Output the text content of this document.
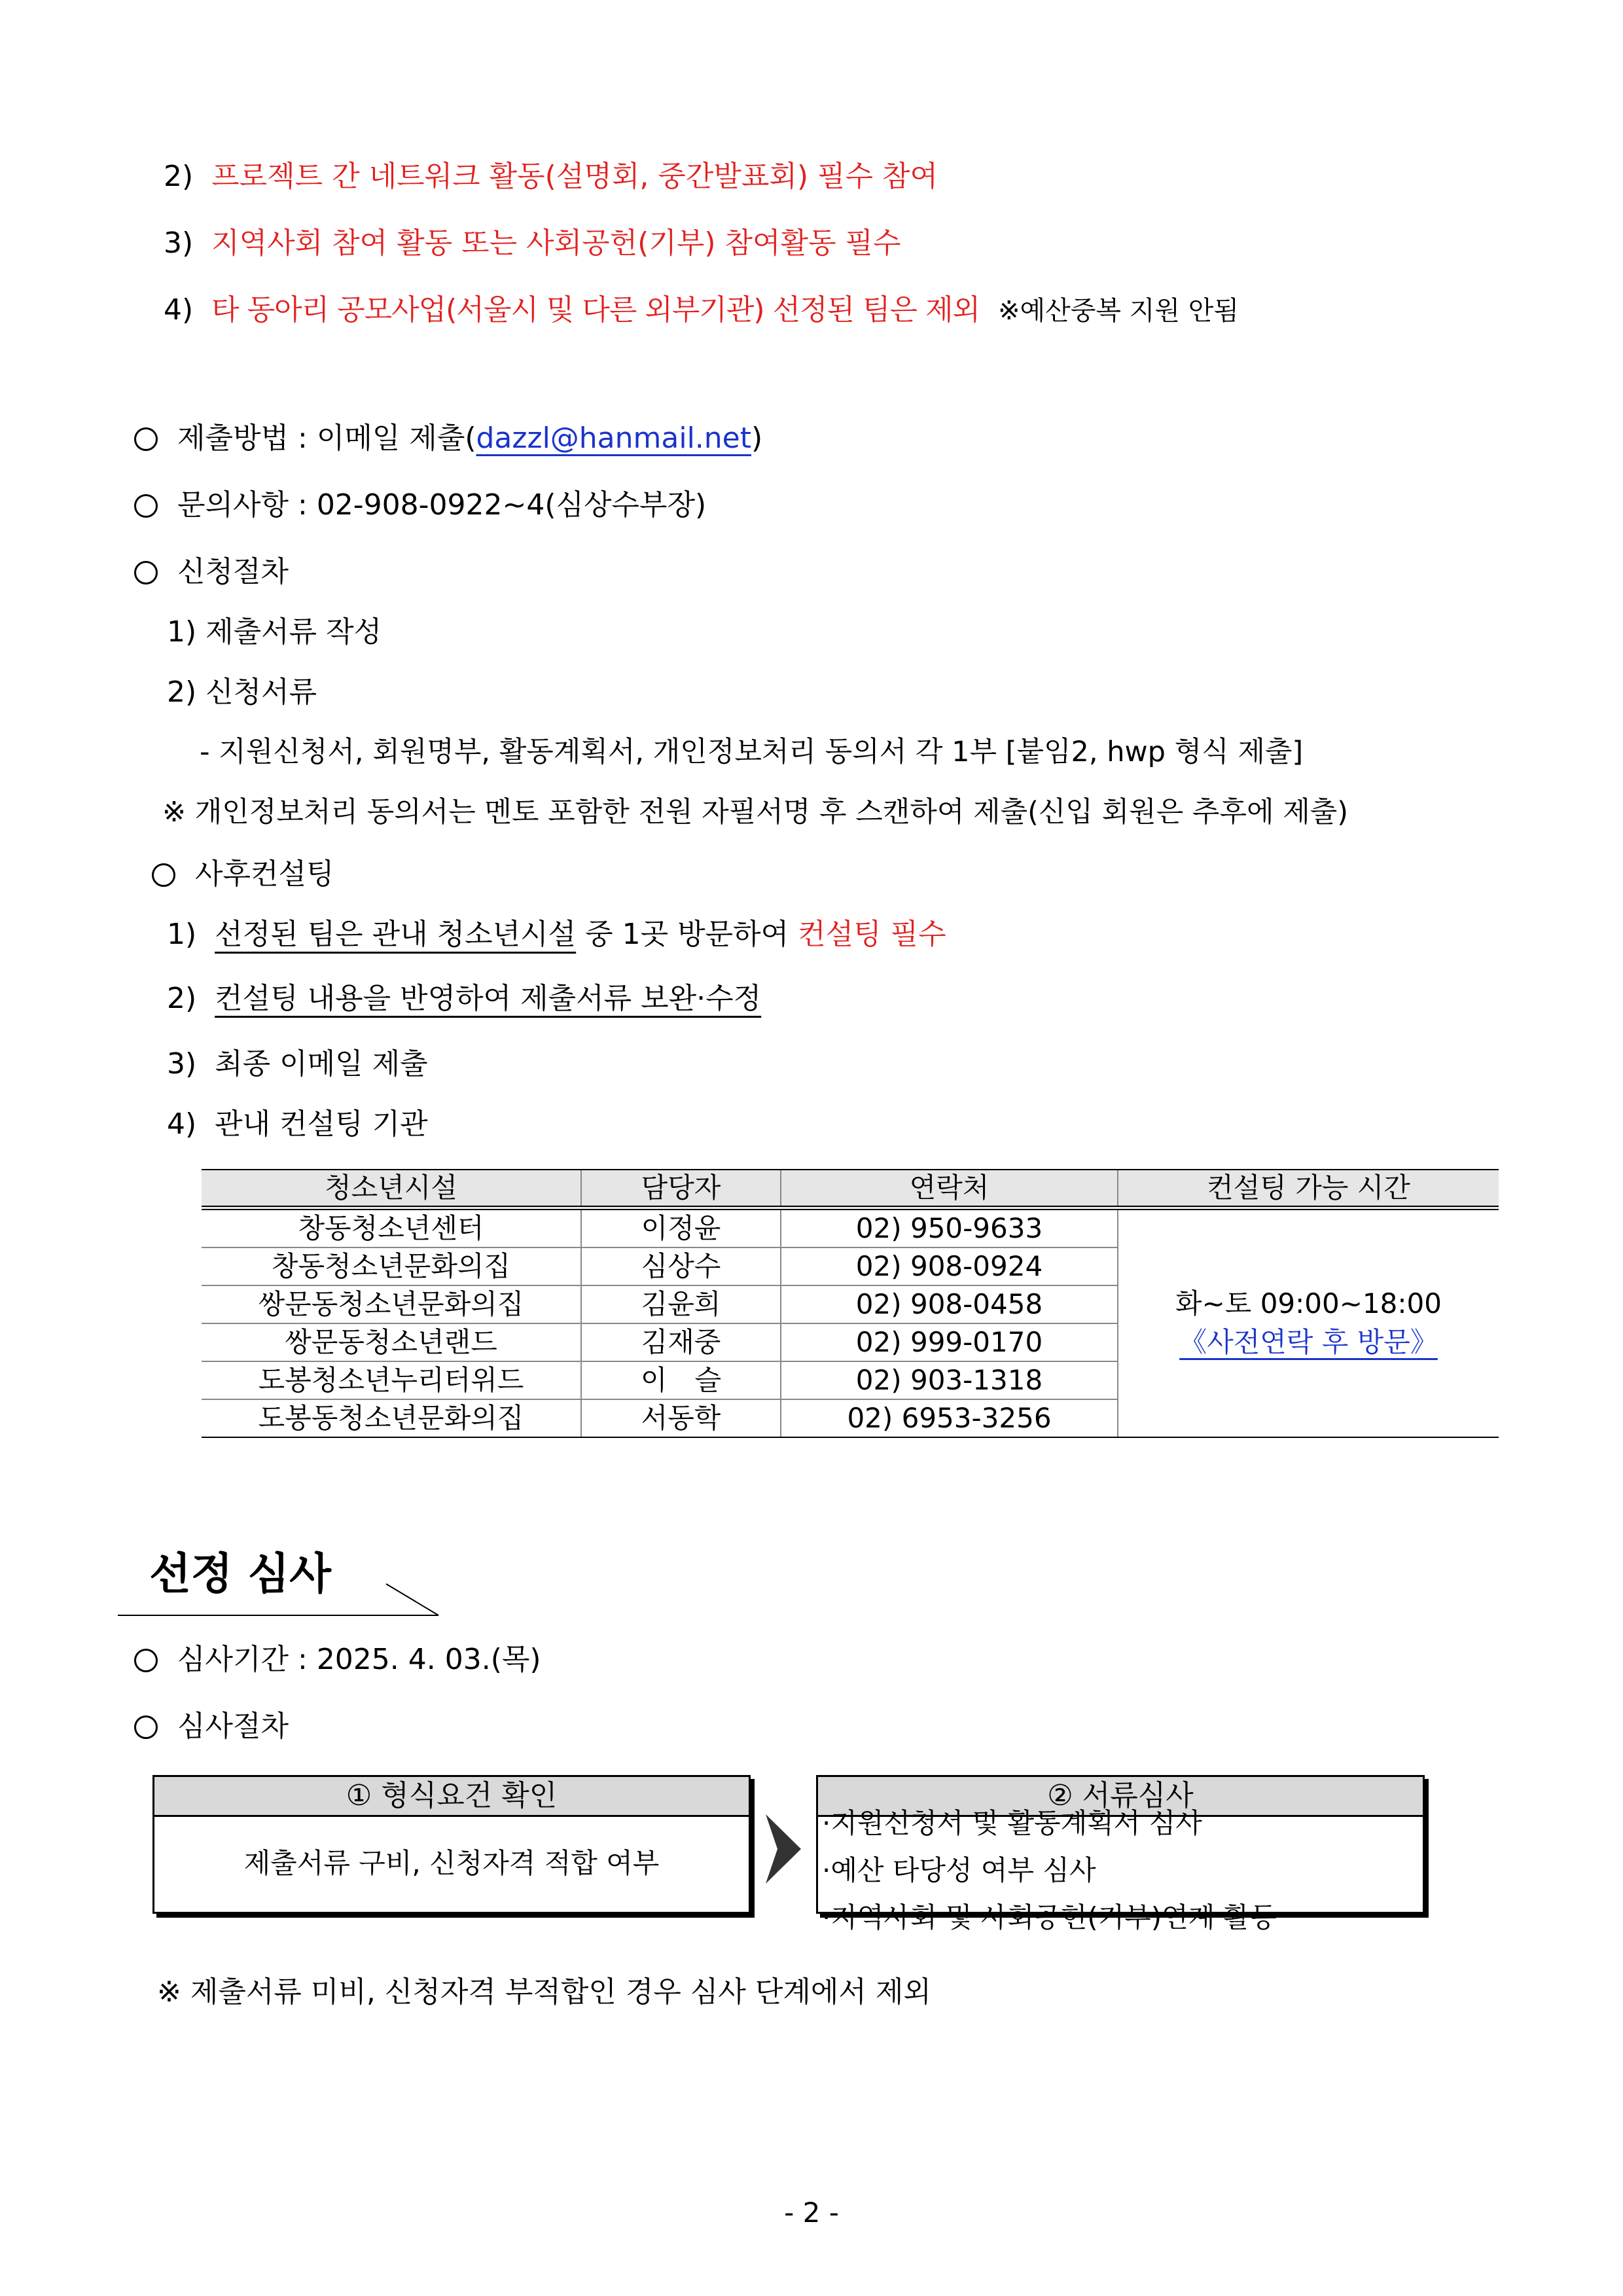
2) 프로젝트 간 네트워크 활동(설명회, 중간발표회) 필수 참여
3) 지역사회 참여 활동 또는 사회공헌(기부) 참여활동 필수
4) 타 동아리 공모사업(서울시 및 다른 외부기관) 선정된 팀은 제외 ※예산중복 지원 안됨
제출방법 : 이메일 제출(dazzl@hanmail.net)
문의사항 : 02-908-0922~4(심상수부장)
신청절차
1) 제출서류 작성
2) 신청서류
- 지원신청서, 회원명부, 활동계획서, 개인정보처리 동의서 각 1부 [붙임2, hwp 형식 제출]
※ 개인정보처리 동의서는 멘토 포함한 전원 자필서명 후 스캔하여 제출(신입 회원은 추후에 제출)
사후컨설팅
1) 선정된 팀은 관내 청소년시설 중 1곳 방문하여 컨설팅 필수
2) 컨설팅 내용을 반영하여 제출서류 보완·수정
3) 최종 이메일 제출
4) 관내 컨설팅 기관
청소년시설	담당자	연락처	컨설팅 가능 시간
창동청소년센터	이정윤	02) 950-9633	화~토 09:00~18:00
《사전연락 후 방문》

창동청소년문화의집	심상수	02) 908-0924	
쌍문동청소년문화의집	김윤희	02) 908-0458	
쌍문동청소년랜드	김재중	02) 999-0170	
도봉청소년누리터위드	이　슬	02) 903-1318	
도봉동청소년문화의집	서동학	02) 6953-3256	
선정 심사
심사기간 : 2025. 4. 03.(목)
심사절차
① 형식요건 확인
제출서류 구비, 신청자격 적합 여부
② 서류심사
·지원신청서 및 활동계획서 심사
·예산 타당성 여부 심사
·지역사회 및 사회공헌(기부)연계 활동
※ 제출서류 미비, 신청자격 부적합인 경우 심사 단계에서 제외
- 2 -
